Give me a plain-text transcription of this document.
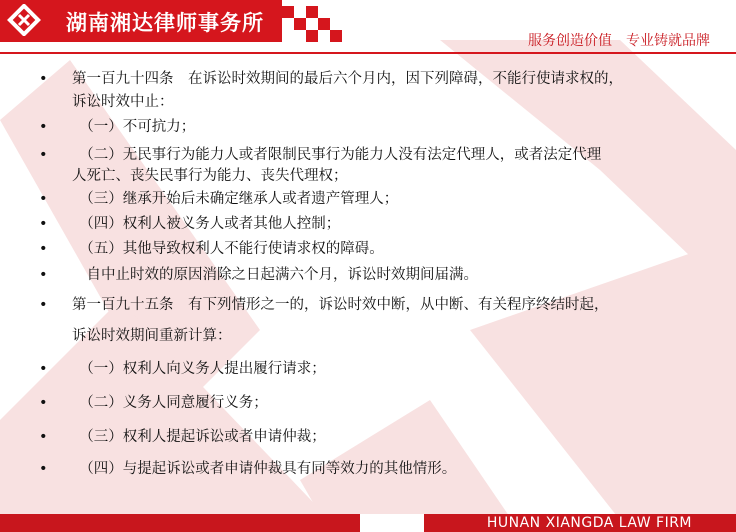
湖南湘达律师事务所
服务创造价值 专业铸就品牌
• 第一百九十四条　在诉讼时效期间的最后六个月内，因下列障碍，不能行使请求权的，
诉讼时效中止：
• 　（一）不可抗力；
• 　（二）无民事行为能力人或者限制民事行为能力人没有法定代理人，或者法定代理
人死亡、丧失民事行为能力、丧失代理权；
• 　（三）继承开始后未确定继承人或者遗产管理人；
• 　（四）权利人被义务人或者其他人控制；
• 　（五）其他导致权利人不能行使请求权的障碍。
• 　自中止时效的原因消除之日起满六个月，诉讼时效期间届满。
• 第一百九十五条　有下列情形之一的，诉讼时效中断，从中断、有关程序终结时起，
诉讼时效期间重新计算：
• 　（一）权利人向义务人提出履行请求；
• 　（二）义务人同意履行义务；
• 　（三）权利人提起诉讼或者申请仲裁；
• 　（四）与提起诉讼或者申请仲裁具有同等效力的其他情形。
HUNAN XIANGDA LAW FIRM
